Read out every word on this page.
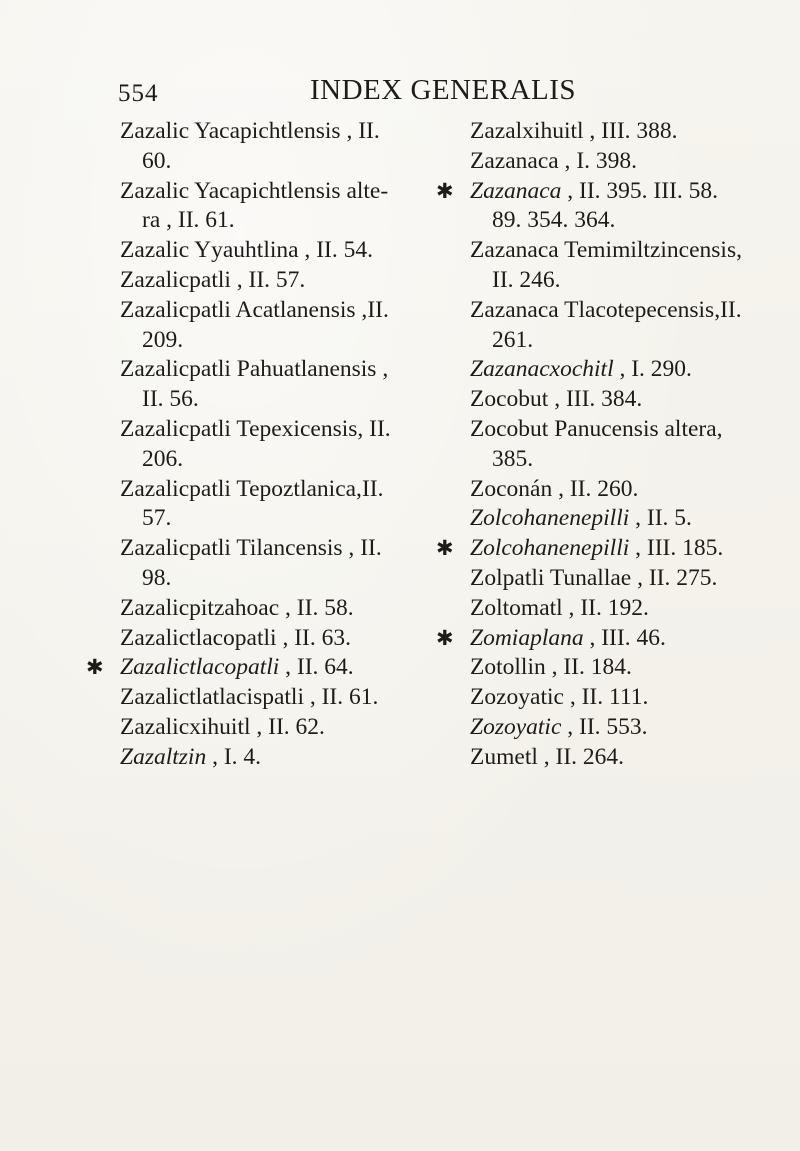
554	INDEX GENERALIS
Zazalic Yacapichtlensis , II.
60.
Zazalic Yacapichtlensis alte-
ra , II. 61.
Zazalic Yyauhtlina , II. 54.
Zazalicpatli , II. 57.
Zazalicpatli Acatlanensis ,II.
209.
Zazalicpatli Pahuatlanensis ,
II. 56.
Zazalicpatli Tepexicensis, II.
206.
Zazalicpatli Tepoztlanica,II.
57.
Zazalicpatli Tilancensis , II.
98.
Zazalicpitzahoac , II. 58.
Zazalictlacopatli , II. 63.
✱ Zazalictlacopatli , II. 64.
Zazalictlatlacispatli , II. 61.
Zazalicxihuitl , II. 62.
Zazaltzin , I. 4.
Zazalxihuitl , III. 388.
Zazanaca , I. 398.
✱ Zazanaca , II. 395. III. 58.
89. 354. 364.
Zazanaca Temimiltzincensis,
II. 246.
Zazanaca Tlacotepecensis,II.
261.
Zazanacxochitl , I. 290.
Zocobut , III. 384.
Zocobut Panucensis altera,
385.
Zoconán , II. 260.
Zolcohanenepilli , II. 5.
✱ Zolcohanenepilli , III. 185.
Zolpatli Tunallae , II. 275.
Zoltomatl , II. 192.
✱ Zomiaplana , III. 46.
Zotollin , II. 184.
Zozoyatic , II. 111.
Zozoyatic , II. 553.
Zumetl , II. 264.
